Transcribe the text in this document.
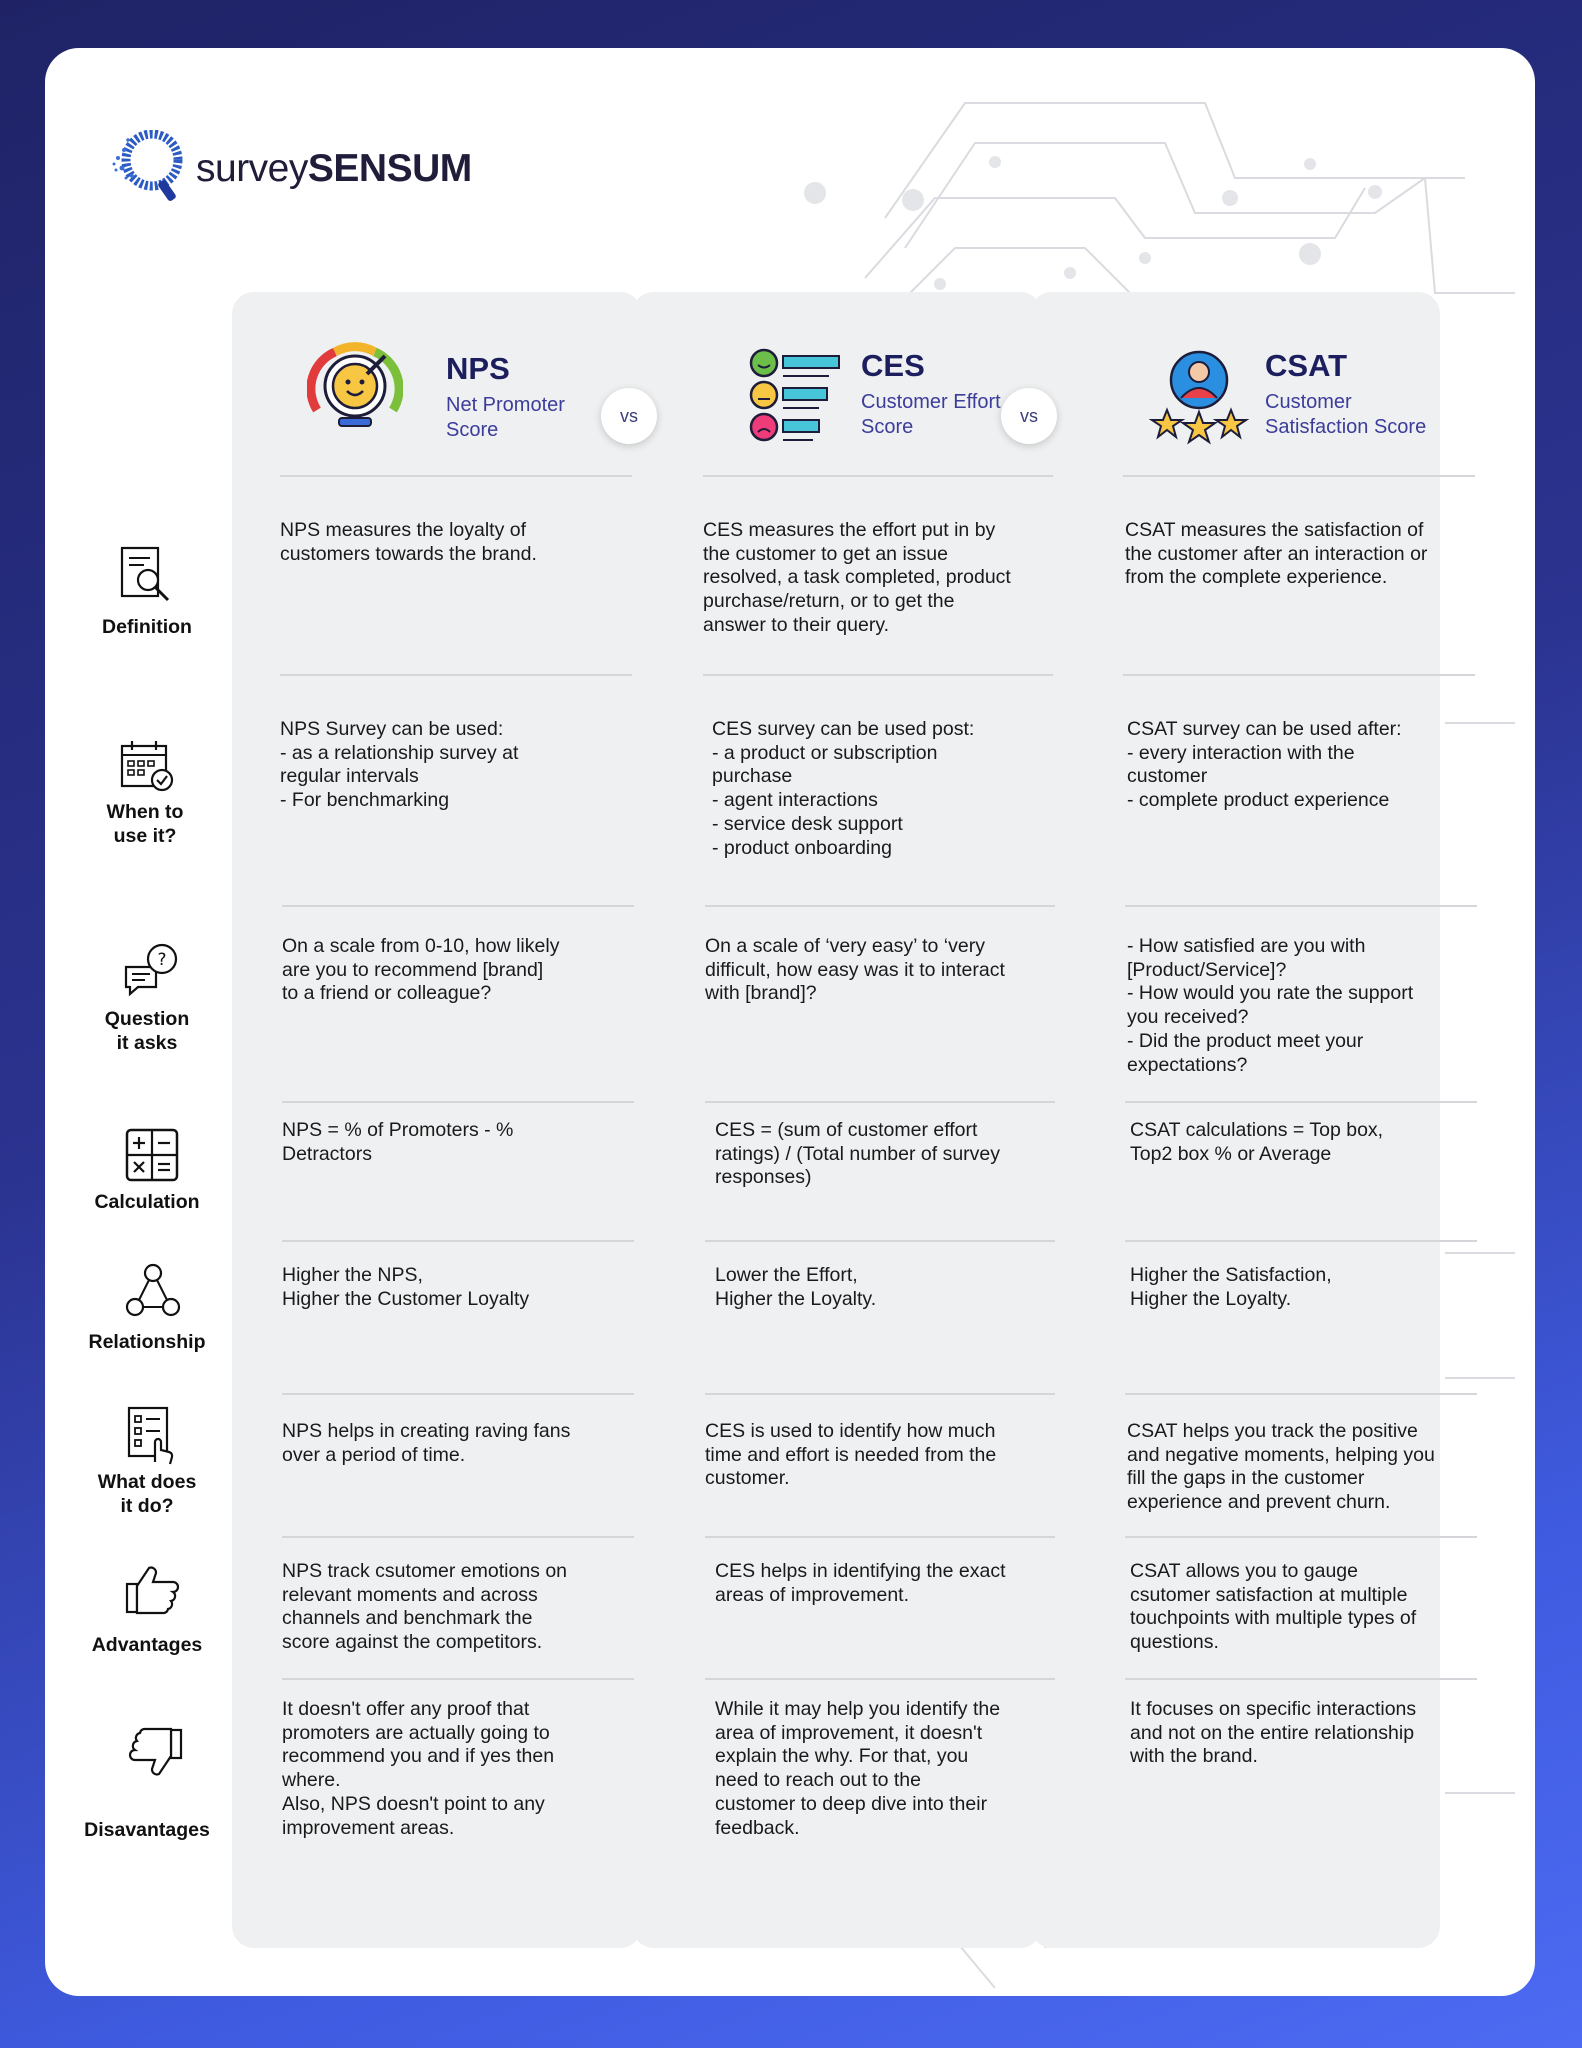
surveySENSUM
vs	vs
NPS
Net Promoter
Score
CES
Customer Effort
Score
CSAT
Customer
Satisfaction Score
Definition
NPS measures the loyalty of
customers towards the brand.
CES measures the effort put in by
the customer to get an issue
resolved, a task completed, product
purchase/return, or to get the
answer to their query.
CSAT measures the satisfaction of
the customer after an interaction or
from the complete experience.
When to
use it?
NPS Survey can be used:
- as a relationship survey at
regular intervals
- For benchmarking
CES survey can be used post:
- a product or subscription
purchase
- agent interactions
- service desk support
- product onboarding
CSAT survey can be used after:
- every interaction with the
customer
- complete product experience
?
Question
it asks
On a scale from 0-10, how likely
are you to recommend [brand]
to a friend or colleague?
On a scale of ‘very easy’ to ‘very
difficult, how easy was it to interact
with [brand]?
- How satisfied are you with
[Product/Service]?
- How would you rate the support
you received?
- Did the product meet your
expectations?
Calculation
NPS = % of Promoters - %
Detractors
CES = (sum of customer effort
ratings) / (Total number of survey
responses)
CSAT calculations = Top box,
Top2 box % or Average
Relationship
Higher the NPS,
Higher the Customer Loyalty
Lower the Effort,
Higher the Loyalty.
Higher the Satisfaction,
Higher the Loyalty.
What does
it do?
NPS helps in creating raving fans
over a period of time.
CES is used to identify how much
time and effort is needed from the
customer.
CSAT helps you track the positive
and negative moments, helping you
fill the gaps in the customer
experience and prevent churn.
Advantages
NPS track csutomer emotions on
relevant moments and across
channels and benchmark the
score against the competitors.
CES helps in identifying the exact
areas of improvement.
CSAT allows you to gauge
csutomer satisfaction at multiple
touchpoints with multiple types of
questions.
Disavantages
It doesn't offer any proof that
promoters are actually going to
recommend you and if yes then
where.
Also, NPS doesn't point to any
improvement areas.
While it may help you identify the
area of improvement, it doesn't
explain the why. For that, you
need to reach out to the
customer to deep dive into their
feedback.
It focuses on specific interactions
and not on the entire relationship
with the brand.
